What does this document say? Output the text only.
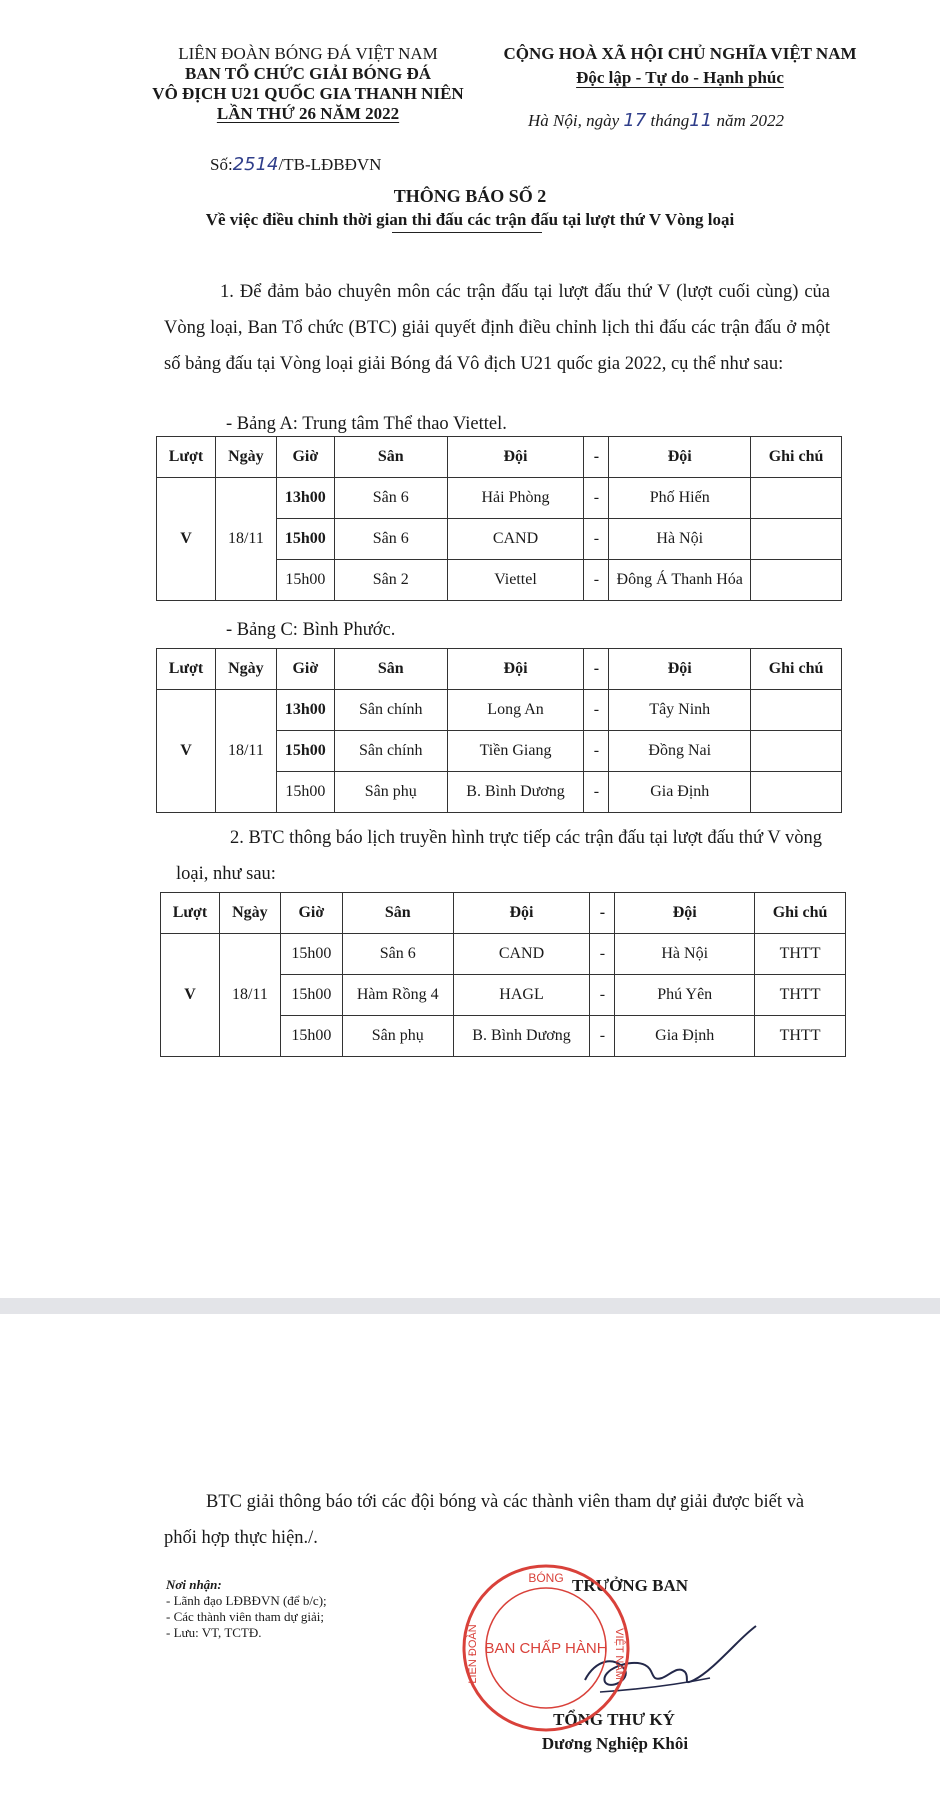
LIÊN ĐOÀN BÓNG ĐÁ VIỆT NAM
BAN TỔ CHỨC GIẢI BÓNG ĐÁ
VÔ ĐỊCH U21 QUỐC GIA THANH NIÊN
LẦN THỨ 26 NĂM 2022
CỘNG HOÀ XÃ HỘI CHỦ NGHĨA VIỆT NAM
Độc lập - Tự do - Hạnh phúc
Hà Nội, ngày 17 tháng11 năm 2022
Số:2514/TB-LĐBĐVN
THÔNG BÁO SỐ 2
Về việc điều chỉnh thời gian thi đấu các trận đấu tại lượt thứ V Vòng loại
1. Để đảm bảo chuyên môn các trận đấu tại lượt đấu thứ V (lượt cuối cùng) của Vòng loại, Ban Tổ chức (BTC) giải quyết định điều chỉnh lịch thi đấu các trận đấu ở một số bảng đấu tại Vòng loại giải Bóng đá Vô địch U21 quốc gia 2022, cụ thể như sau:
- Bảng A: Trung tâm Thể thao Viettel.
Lượt	Ngày	Giờ	Sân	Đội	-	Đội	Ghi chú
V	18/11	13h00	Sân 6	Hải Phòng	-	Phố Hiến	
		15h00	Sân 6	CAND	-	Hà Nội	
		15h00	Sân 2	Viettel	-	Đông Á Thanh Hóa	
- Bảng C: Bình Phước.
Lượt	Ngày	Giờ	Sân	Đội	-	Đội	Ghi chú
V	18/11	13h00	Sân chính	Long An	-	Tây Ninh	
		15h00	Sân chính	Tiền Giang	-	Đồng Nai	
		15h00	Sân phụ	B. Bình Dương	-	Gia Định	
2. BTC thông báo lịch truyền hình trực tiếp các trận đấu tại lượt đấu thứ V vòng loại, như sau:
Lượt	Ngày	Giờ	Sân	Đội	-	Đội	Ghi chú
V	18/11	15h00	Sân 6	CAND	-	Hà Nội	THTT
		15h00	Hàm Rồng 4	HAGL	-	Phú Yên	THTT
		15h00	Sân phụ	B. Bình Dương	-	Gia Định	THTT
BTC giải thông báo tới các đội bóng và các thành viên tham dự giải được biết và phối hợp thực hiện./.
Nơi nhận:
- Lãnh đạo LĐBĐVN (để b/c);
- Các thành viên tham dự giải;
- Lưu: VT, TCTĐ.
TRƯỞNG BAN
TỔNG THƯ KÝ
Dương Nghiệp Khôi
BÓNG
LIÊN ĐOÀN	VIỆT NAM
BAN CHẤP HÀNH
